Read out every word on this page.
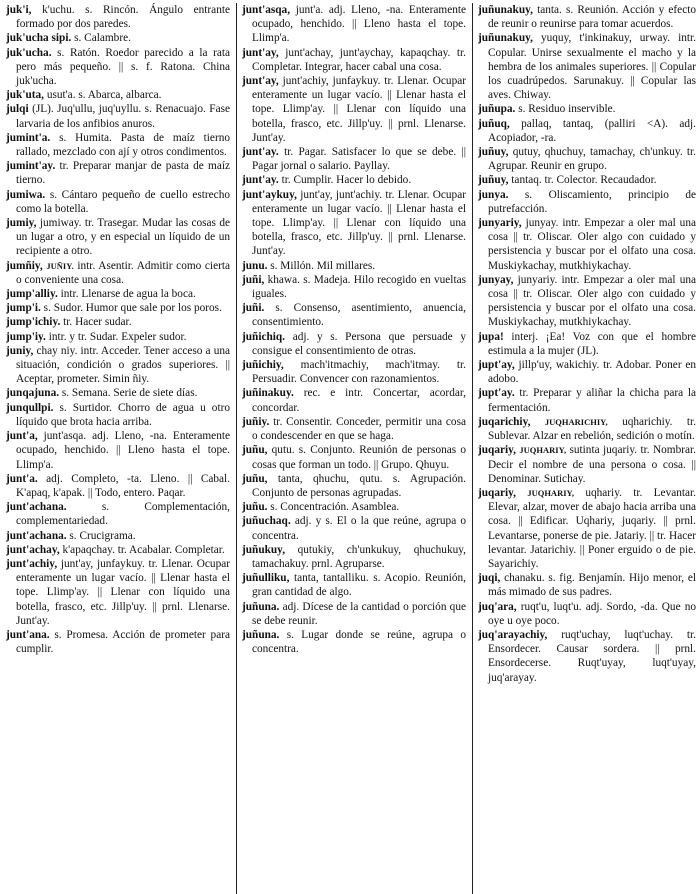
juk'i, k'uchu. s. Rincón. Ángulo entrante formado por dos paredes.

juk'ucha sipi. s. Calambre.

juk'ucha. s. Ratón. Roedor parecido a la rata pero más pequeño. || s. f. Ratona. China juk'ucha.

juk'uta, usut'a. s. Abarca, albarca.

julqi (JL). Juq'ullu, juq'uyllu. s. Renacuajo. Fase larvaria de los anfibios anuros.

jumint'a. s. Humita. Pasta de maíz tierno rallado, mezclado con ají y otros condimentos.

jumint'ay. tr. Preparar manjar de pasta de maíz tierno.

jumiwa. s. Cántaro pequeño de cuello estrecho como la botella.

jumiy, jumiway. tr. Trasegar. Mudar las cosas de un lugar a otro, y en especial un líquido de un recipiente a otro.

jumñiy, JUÑIY. intr. Asentir. Admitir como cierta o conveniente una cosa.

jump'alliy. intr. Llenarse de agua la boca.

jump'i. s. Sudor. Humor que sale por los poros.

jump'ichiy. tr. Hacer sudar.

jump'iy. intr. y tr. Sudar. Expeler sudor.

juniy, chay niy. intr. Acceder. Tener acceso a una situación, condición o grados superiores. || Aceptar, prometer. Simin ñiy.

junqajuna. s. Semana. Serie de siete días.

junqullpi. s. Surtidor. Chorro de agua u otro líquido que brota hacia arriba.

junt'a, junt'asqa. adj. Lleno, -na. Enteramente ocupado, henchido. || Lleno hasta el tope. Llimp'a.

junt'a. adj. Completo, -ta. Lleno. || Cabal. K'apaq, k'apak. || Todo, entero. Paqar.

junt'achana.	s. Complementación, complementariedad.

junt'achana. s. Crucigrama.

junt'achay, k'apaqchay. tr. Acabalar. Completar.

junt'achiy, junt'ay, junfaykuy. tr. Llenar. Ocupar enteramente un lugar vacío. || Llenar hasta el tope. Llimp'ay. || Llenar con líquido una botella, frasco, etc. Jillp'uy. || prnl. Llenarse. Junt'ay.

junt'ana. s. Promesa. Acción de prometer para cumplir.

junt'asqa, junt'a. adj. Lleno, -na. Enteramente ocupado, henchido. || Lleno hasta el tope. Llimp'a.

junt'ay, junt'achay, junt'aychay, kapaqchay. tr. Completar. Integrar, hacer cabal una cosa.

junt'ay, junt'achiy, junfaykuy. tr. Llenar. Ocupar enteramente un lugar vacío. || Llenar hasta el tope. Llimp'ay. || Llenar con líquido una botella, frasco, etc. Jillp'uy. || prnl. Llenarse. Junt'ay.

junt'ay. tr. Pagar. Satisfacer lo que se debe. || Pagar jornal o salario. Payllay.

junt'ay. tr. Cumplir. Hacer lo debido.

junt'aykuy, junt'ay, junt'achiy. tr. Llenar. Ocupar enteramente un lugar vacío. || Llenar hasta el tope. Llimp'ay. || Llenar con líquido una botella, frasco, etc. Jillp'uy. || prnl. Llenarse. Junt'ay.

junu. s. Millón. Mil millares.

juñi, khawa. s. Madeja. Hilo recogido en vueltas iguales.

juñi. s. Consenso, asentimiento, anuencia, consentimiento.

juñichiq. adj. y s. Persona que persuade y consigue el consentimiento de otras.

juñichiy, mach'itmachiy, mach'itmay. tr. Persuadir. Convencer con razonamientos.

juñinakuy. rec. e intr. Concertar, acordar, concordar.

juñiy. tr. Consentir. Conceder, permitir una cosa o condescender en que se haga.

juñu, qutu. s. Conjunto. Reunión de personas o cosas que forman un todo. || Grupo. Qhuyu.

juñu, tanta, qhuchu, qutu. s. Agrupación. Conjunto de personas agrupadas.

juñu. s. Concentración. Asamblea.

juñuchaq. adj. y s. El o la que reúne, agrupa o concentra.

juñukuy, qutukiy, ch'unkukuy, qhuchukuy, tamachakuy. prnl. Agruparse.

juñulliku, tanta, tantalliku. s. Acopio. Reunión, gran cantidad de algo.

juñuna. adj. Dícese de la cantidad o porción que se debe reunir.

juñuna. s. Lugar donde se reúne, agrupa o concentra.

juñunakuy, tanta. s. Reunión. Acción y efecto de reunir o reunirse para tomar acuerdos.

juñunakuy, yuquy, t'inkinakuy, urway. intr. Copular. Unirse sexualmente el macho y la hembra de los animales superiores. || Copular los cuadrúpedos. Sarunakuy. || Copular las aves. Chiway.

juñupa. s. Residuo inservible.

juñuq, pallaq, tantaq, (palliri <A). adj. Acopiador, -ra.

juñuy, qutuy, qhuchuy, tamachay, ch'unkuy. tr. Agrupar. Reunir en grupo.

juñuy, tantaq. tr. Colector. Recaudador.

junya. s. Oliscamiento, principio de putrefacción.

junyariy, junyay. intr. Empezar a oler mal una cosa || tr. Oliscar. Oler algo con cuidado y persistencia y buscar por el olfato una cosa. Muskiykachay, mutkhiykachay.

junyay, junyariy. intr. Empezar a oler mal una cosa || tr. Oliscar. Oler algo con cuidado y persistencia y buscar por el olfato una cosa. Muskiykachay, mutkhiykachay.

jupa! interj. ¡Ea! Voz con que el hombre estimula a la mujer (JL).

jupt'ay, jillp'uy, wakichiy. tr. Adobar. Poner en adobo.

jupt'ay. tr. Preparar y aliñar la chicha para la fermentación.

juqarichiy, JUQHARICHIY, uqharichiy. tr. Sublevar. Alzar en rebelión, sedición o motín.

juqariy, JUQHARIY, sutinta juqariy. tr. Nombrar. Decir el nombre de una persona o cosa. || Denominar. Sutichay.

juqariy, JUQHARIY, uqhariy. tr. Levantar. Elevar, alzar, mover de abajo hacia arriba una cosa. || Edificar. Uqhariy, juqariy. || prnl. Levantarse, ponerse de pie. Jatariy. || tr. Hacer levantar. Jatarichiy. || Poner erguido o de pie. Sayarichiy.

juqi, chanaku. s. fig. Benjamín. Hijo menor, el más mimado de sus padres.

juq'ara, ruqt'u, luqt'u. adj. Sordo, -da. Que no oye u oye poco.

juq'arayachiy, ruqt'uchay, luqt'uchay. tr. Ensordecer. Causar sordera. || prnl. Ensordecerse. Ruqt'uyay, luqt'uyay, juq'arayay.
